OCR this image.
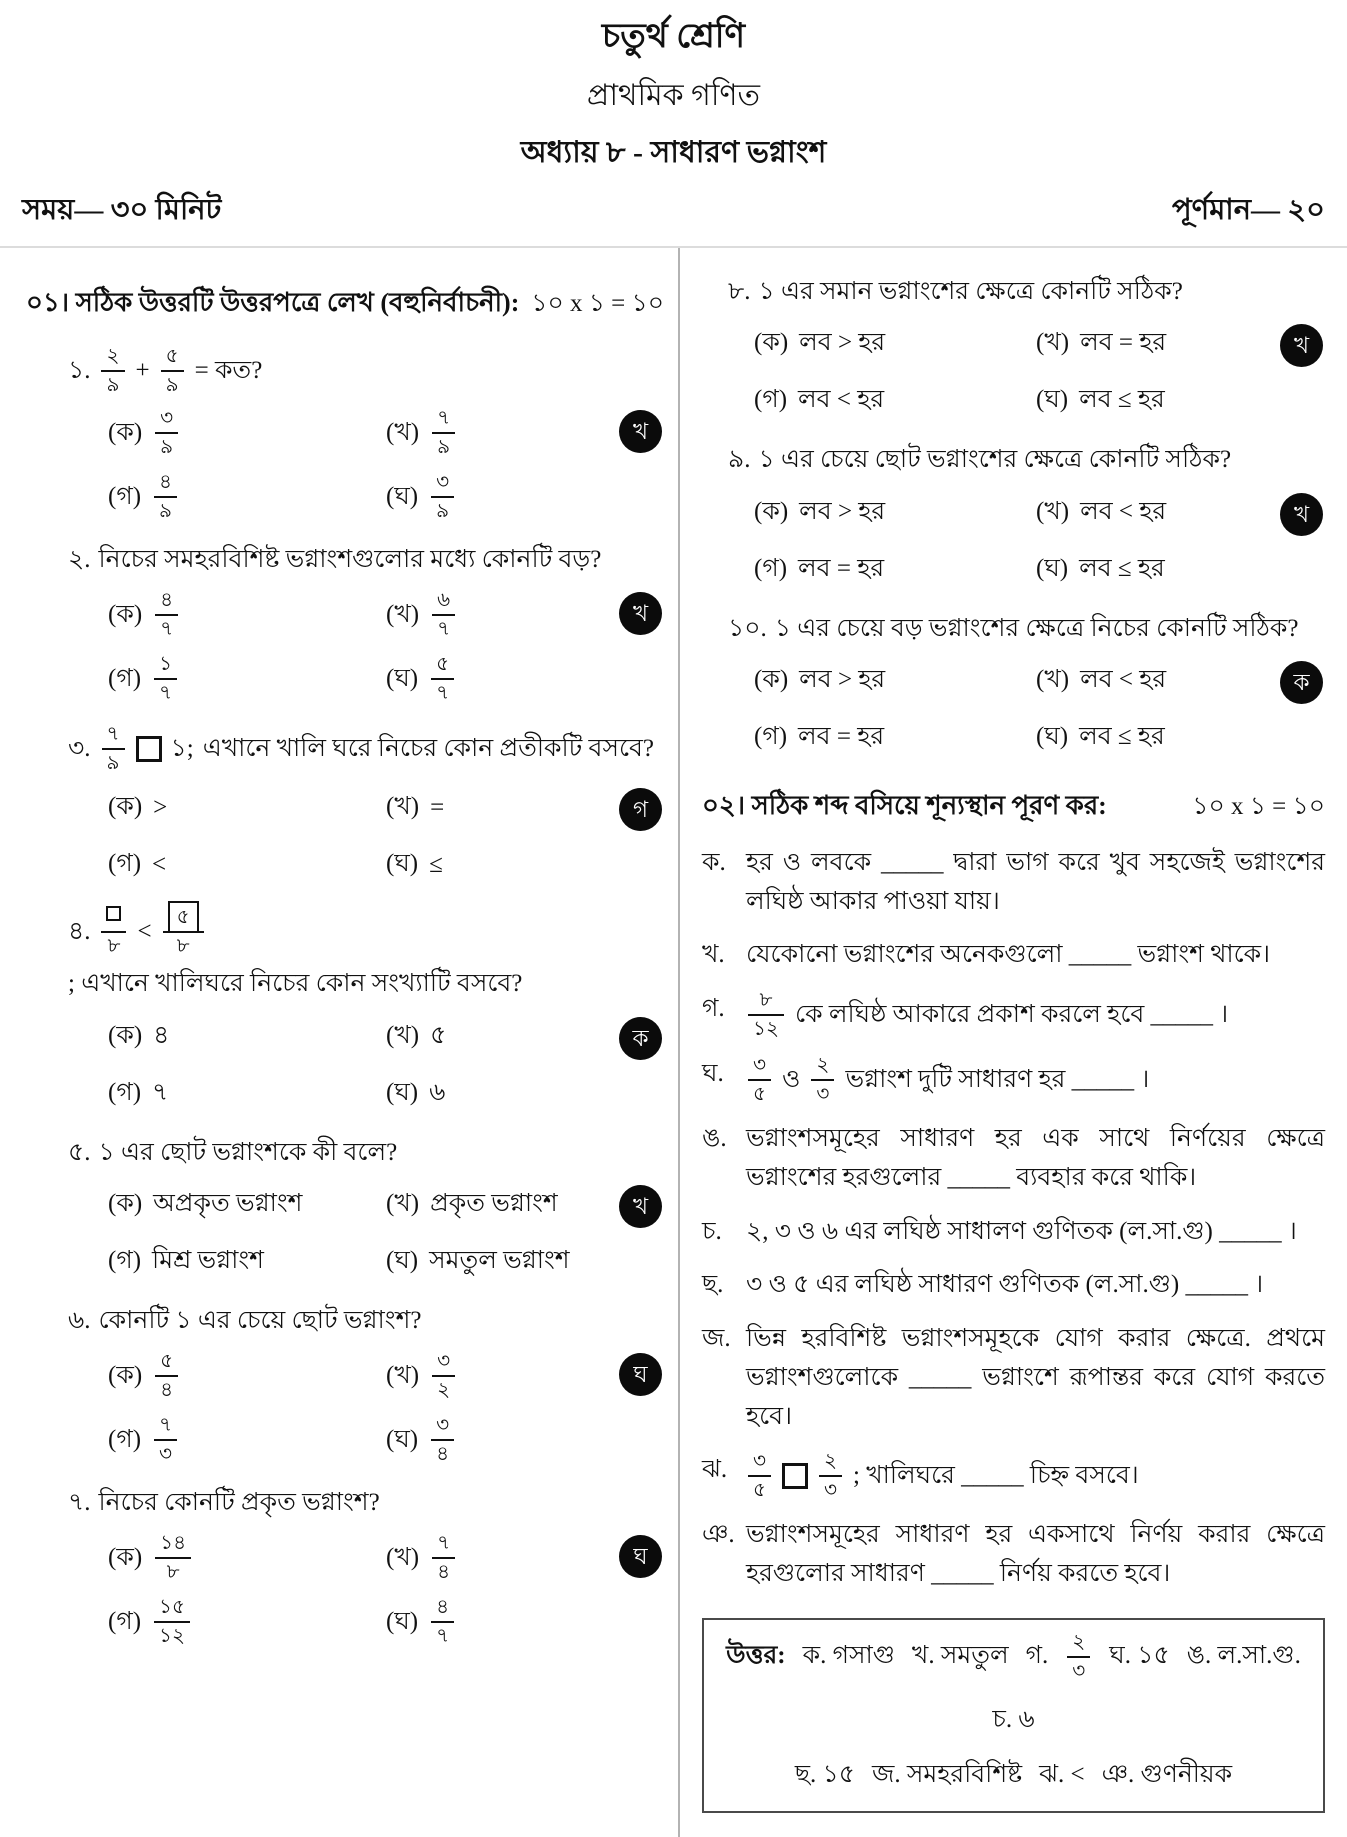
চতুর্থ শ্রেণি
প্রাথমিক গণিত
অধ্যায় ৮ - সাধারণ ভগ্নাংশ
সময়— ৩০ মিনিট	পূর্ণমান— ২০
০১। সঠিক উত্তরটি উত্তরপত্রে লেখ (বহুনির্বাচনী): ১০ x ১ = ১০
১. $\frac{২}{৯} + \frac{৫}{৯}$ = কত?
(ক) $\frac{৩}{৯}$	(খ) $\frac{৭}{৯}$
(গ) $\frac{৪}{৯}$	(ঘ) $\frac{৩}{৯}$
খ
২. নিচের সমহরবিশিষ্ট ভগ্নাংশগুলোর মধ্যে কোনটি বড়?
(ক) $\frac{৪}{৭}$	(খ) $\frac{৬}{৭}$
(গ) $\frac{১}{৭}$	(ঘ) $\frac{৫}{৭}$
খ
৩. $\frac{৭}{৯}$ ১; এখানে খালি ঘরে নিচের কোন প্রতীকটি বসবে?
(ক) >	(খ) =
(গ) <	(ঘ) ≤
গ
৪.
৮
< $\frac{৫}{৮}$
; এখানে খালিঘরে নিচের কোন সংখ্যাটি বসবে?
(ক) ৪	(খ) ৫
(গ) ৭	(ঘ) ৬
ক
৫. ১ এর ছোট ভগ্নাংশকে কী বলে?
(ক) অপ্রকৃত ভগ্নাংশ	(খ) প্রকৃত ভগ্নাংশ
(গ) মিশ্র ভগ্নাংশ	(ঘ) সমতুল ভগ্নাংশ
খ
৬. কোনটি ১ এর চেয়ে ছোট ভগ্নাংশ?
(ক) $\frac{৫}{৪}$	(খ) $\frac{৩}{২}$
(গ) $\frac{৭}{৩}$	(ঘ) $\frac{৩}{৪}$
ঘ
৭. নিচের কোনটি প্রকৃত ভগ্নাংশ?
(ক) $\frac{১৪}{৮}$	(খ) $\frac{৭}{৪}$
(গ) $\frac{১৫}{১২}$	(ঘ) $\frac{৪}{৭}$
ঘ
৮. ১ এর সমান ভগ্নাংশের ক্ষেত্রে কোনটি সঠিক?
(ক) লব > হর	(খ) লব = হর
(গ) লব < হর	(ঘ) লব ≤ হর
খ
৯. ১ এর চেয়ে ছোট ভগ্নাংশের ক্ষেত্রে কোনটি সঠিক?
(ক) লব > হর	(খ) লব < হর
(গ) লব = হর	(ঘ) লব ≤ হর
খ
১০. ১ এর চেয়ে বড় ভগ্নাংশের ক্ষেত্রে নিচের কোনটি সঠিক?
(ক) লব > হর	(খ) লব < হর
(গ) লব = হর	(ঘ) লব ≤ হর
ক
০২। সঠিক শব্দ বসিয়ে শূন্যস্থান পূরণ কর:	১০ x ১ = ১০
ক. হর ও লবকে _____ দ্বারা ভাগ করে খুব সহজেই ভগ্নাংশের লঘিষ্ঠ আকার পাওয়া যায়।
খ. যেকোনো ভগ্নাংশের অনেকগুলো _____ ভগ্নাংশ থাকে।
গ.	$\frac{৮}{১২}$ কে লঘিষ্ঠ আকারে প্রকাশ করলে হবে _____ ।
ঘ.	$\frac{৩}{৫}$ ও $\frac{২}{৩}$ ভগ্নাংশ দুটি সাধারণ হর _____ ।
ঙ. ভগ্নাংশসমূহের সাধারণ হর এক সাথে নির্ণয়ের ক্ষেত্রে ভগ্নাংশের হরগুলোর _____ ব্যবহার করে থাকি।
চ. ২, ৩ ও ৬ এর লঘিষ্ঠ সাধালণ গুণিতক (ল.সা.গু) _____ ।
ছ. ৩ ও ৫ এর লঘিষ্ঠ সাধারণ গুণিতক (ল.সা.গু) _____ ।
জ. ভিন্ন হরবিশিষ্ট ভগ্নাংশসমূহকে যোগ করার ক্ষেত্রে. প্রথমে ভগ্নাংশগুলোকে _____ ভগ্নাংশে রূপান্তর করে যোগ করতে হবে।
ঝ.	$\frac{৩}{৫} \frac{২}{৩}$ ; খালিঘরে _____ চিহ্ন বসবে।
ঞ. ভগ্নাংশসমূহের সাধারণ হর একসাথে নির্ণয় করার ক্ষেত্রে হরগুলোর সাধারণ _____ নির্ণয় করতে হবে।
উত্তর: ক. গসাগু খ. সমতুল গ. $\frac{২}{৩}$ ঘ. ১৫ ঙ. ল.সা.গু.
চ. ৬
ছ. ১৫ জ. সমহরবিশিষ্ট ঝ. < ঞ. গুণনীয়ক
